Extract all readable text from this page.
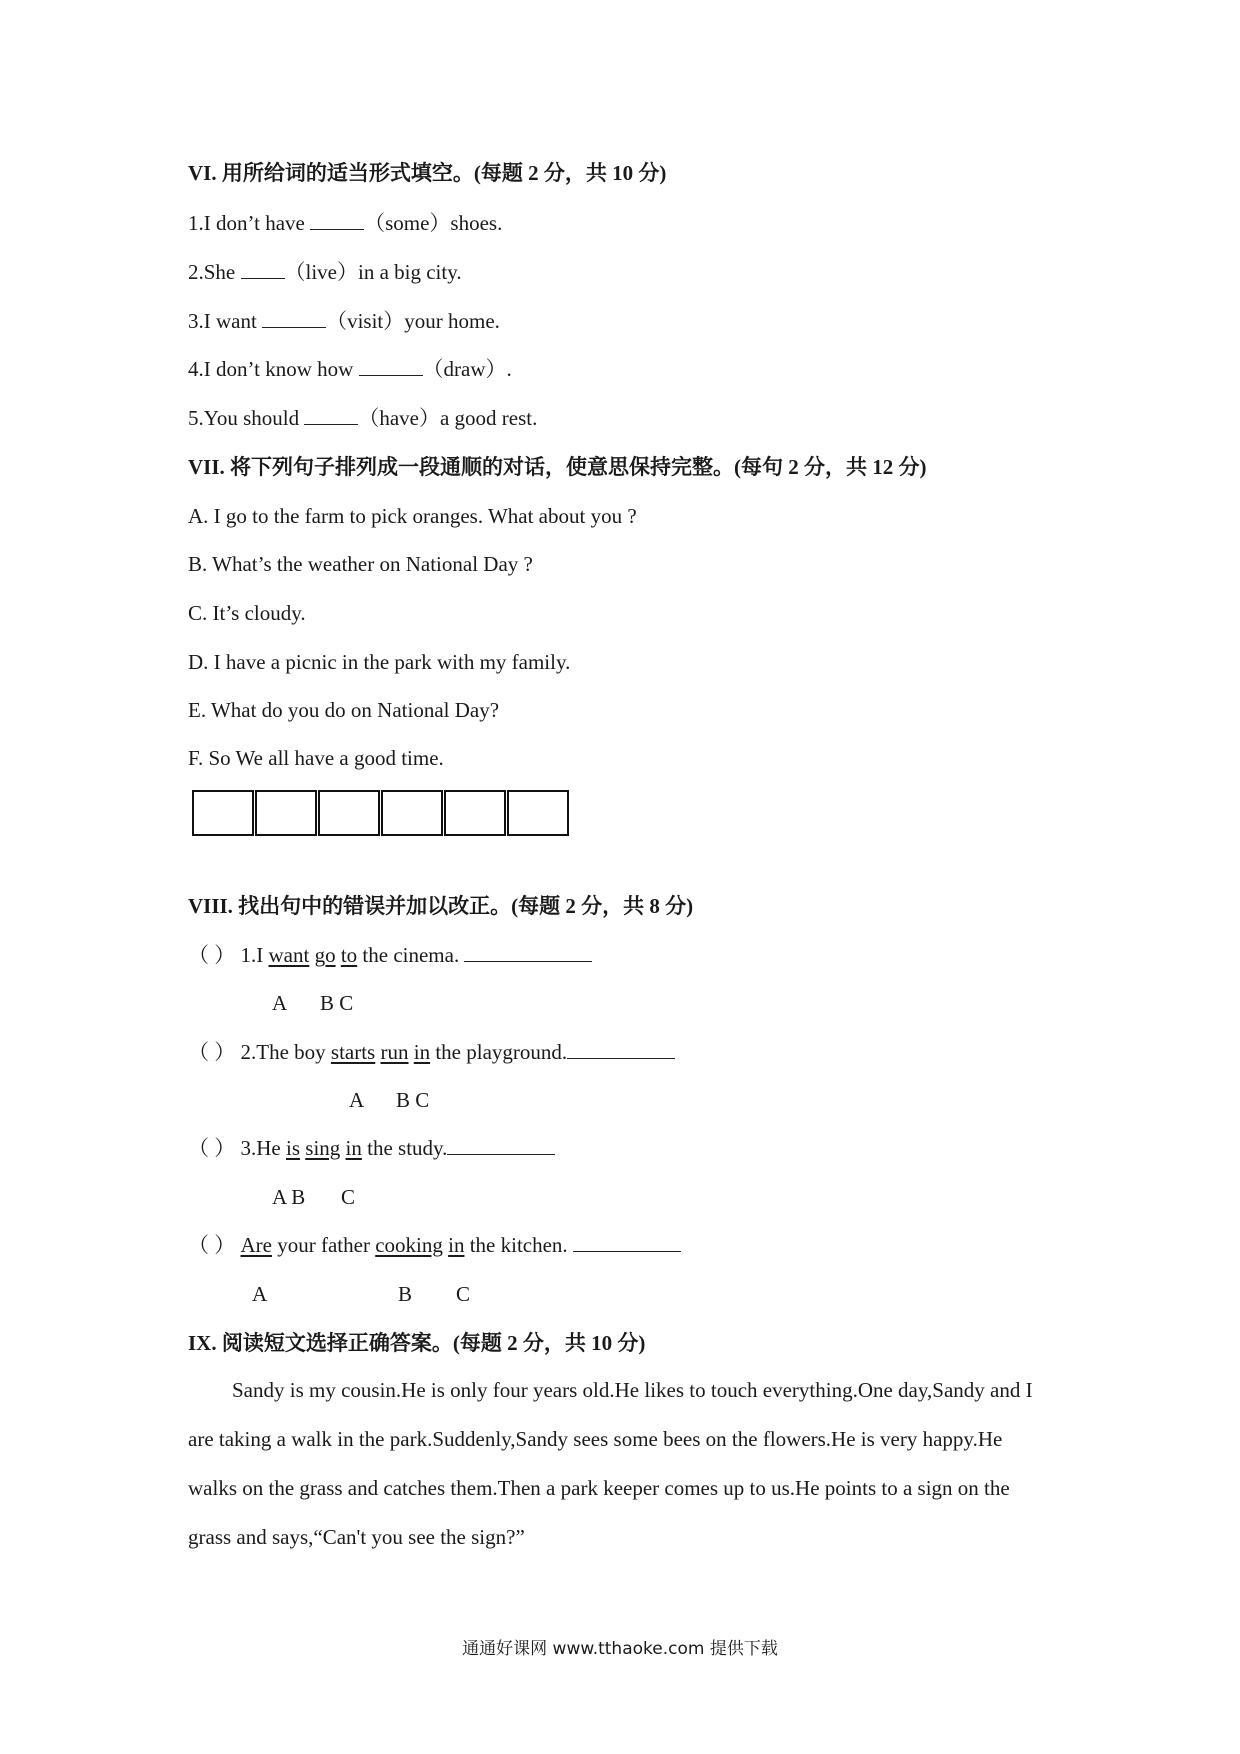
VI. 用所给词的适当形式填空。(每题 2 分，共 10 分)
1.I don’t have	（some）shoes.
2.She （live）in a big city.
3.I want	（visit）your home.
4.I don’t know how	（draw）.
5.You should	（have）a good rest.
VII. 将下列句子排列成一段通顺的对话，使意思保持完整。(每句 2 分，共 12 分)
A. I go to the farm to pick oranges. What about you ?
B. What’s the weather on National Day ?
C. It’s cloudy.
D. I have a picnic in the park with my family.
E. What do you do on National Day?
F. So We all have a good time.
VIII. 找出句中的错误并加以改正。(每题 2 分，共 8 分)
（ ） 1.I want go to the cinema.
A B C
（ ） 2.The boy starts run in the playground.
A B C
（ ） 3.He is sing in the study.
A B C
（ ） Are your father cooking in the kitchen.
A	B C
IX. 阅读短文选择正确答案。(每题 2 分，共 10 分)
Sandy is my cousin.He is only four years old.He likes to touch everything.One day,Sandy and I are taking a walk in the park.Suddenly,Sandy sees some bees on the flowers.He is very happy.He walks on the grass and catches them.Then a park keeper comes up to us.He points to a sign on the grass and says,“Can't you see the sign?”
通通好课网 www.tthaoke.com 提供下载
